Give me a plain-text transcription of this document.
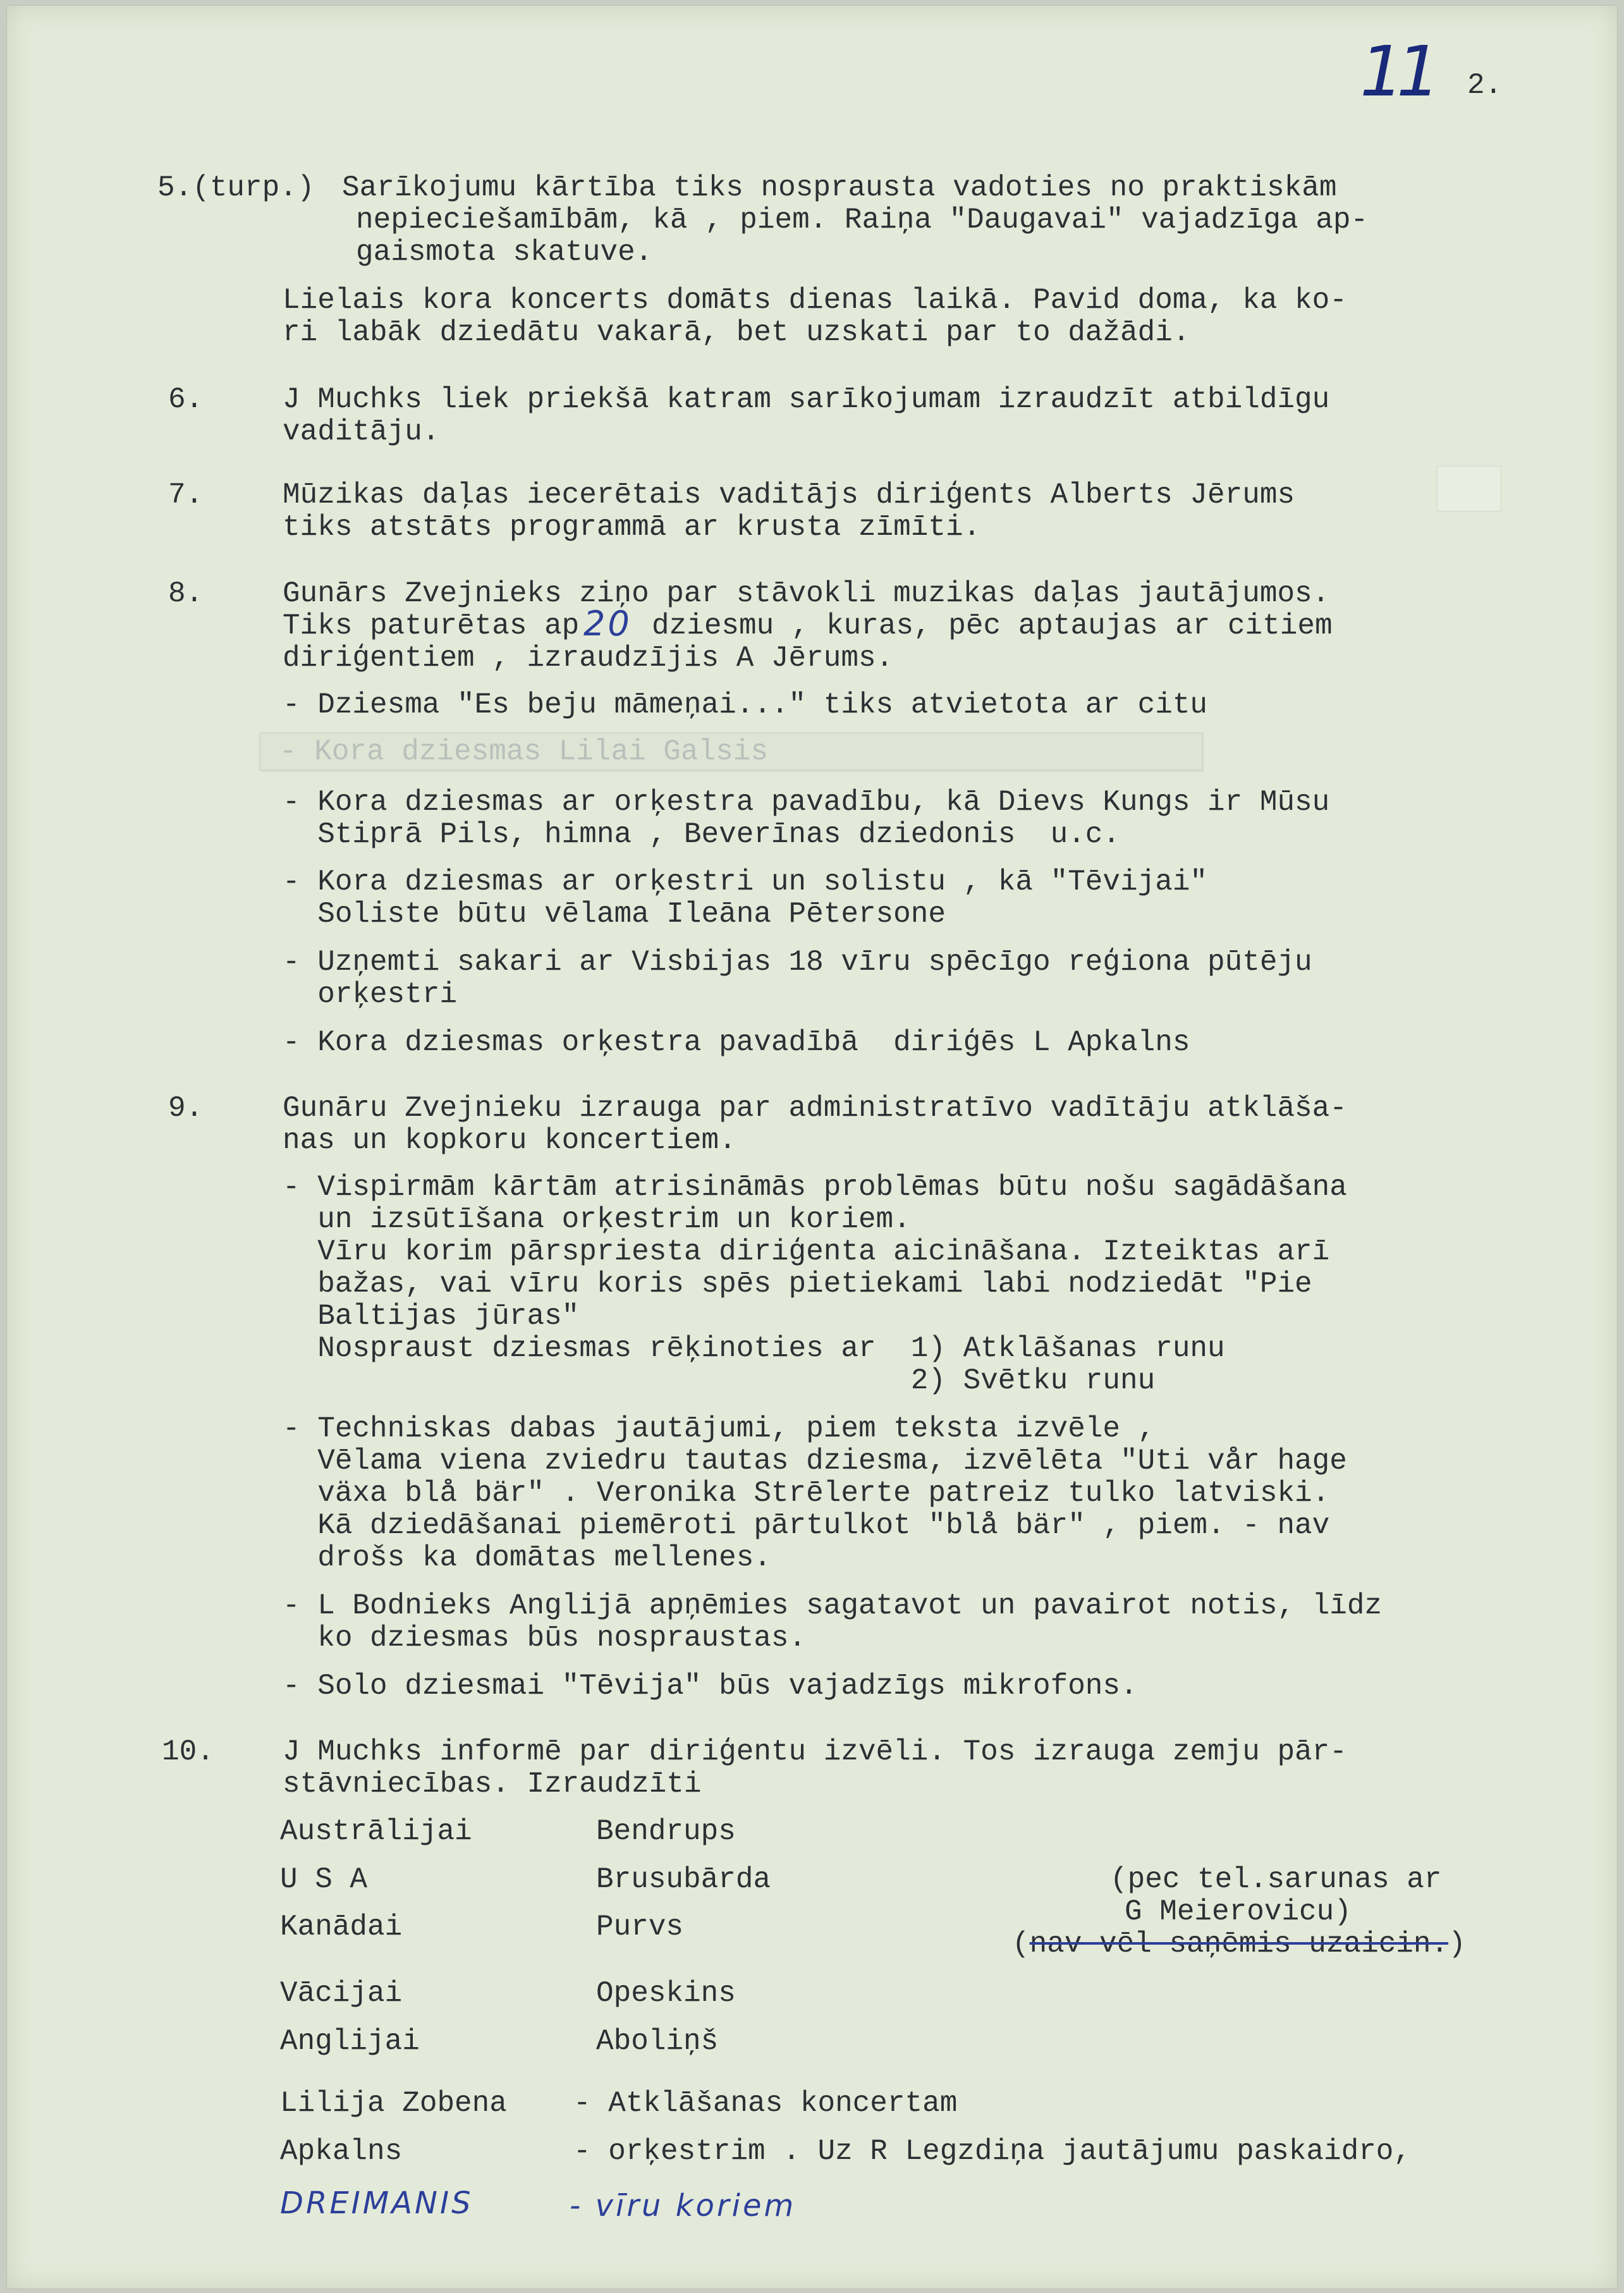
11 2.
5.(turp.) Sarīkojumu kārtība tiks nosprausta vadoties no praktiskām
nepieciešamībām, kā , piem. Raiņa "Daugavai" vajadzīga ap-
gaismota skatuve.
Lielais kora koncerts domāts dienas laikā. Pavid doma, ka ko-
ri labāk dziedātu vakarā, bet uzskati par to dažādi.
6.	J Muchks liek priekšā katram sarīkojumam izraudzīt atbildīgu
vaditāju.
7.	Mūzikas daļas iecerētais vaditājs diriģents Alberts Jērums
tiks atstāts programmā ar krusta zīmīti.
8.	Gunārs Zvejnieks ziņo par stāvokli muzikas daļas jautājumos.
Tiks paturētas ap 20 dziesmu , kuras, pēc aptaujas ar citiem
diriģentiem , izraudzījis A Jērums.
- Dziesma "Es beju māmeņai..." tiks atvietota ar citu
- Kora dziesmas Lilai Galsis
- Kora dziesmas ar orķestra pavadību, kā Dievs Kungs ir Mūsu
Stiprā Pils, himna , Beverīnas dziedonis  u.c.
- Kora dziesmas ar orķestri un solistu , kā "Tēvijai"
Soliste būtu vēlama Ileāna Pētersone
- Uzņemti sakari ar Visbijas 18 vīru spēcīgo reģiona pūtēju
orķestri
- Kora dziesmas orķestra pavadībā  diriģēs L Apkalns
9.	Gunāru Zvejnieku izrauga par administratīvo vadītāju atklāša-
nas un kopkoru koncertiem.
- Vispirmām kārtām atrisināmās problēmas būtu nošu sagādāšana
un izsūtīšana orķestrim un koriem.
Vīru korim pārspriesta diriģenta aicināšana. Izteiktas arī
bažas, vai vīru koris spēs pietiekami labi nodziedāt "Pie
Baltijas jūras"
Nospraust dziesmas rēķinoties ar  1) Atklāšanas runu
2) Svētku runu
- Techniskas dabas jautājumi, piem teksta izvēle ,
Vēlama viena zviedru tautas dziesma, izvēlēta "Uti vår hage
växa blå bär" . Veronika Strēlerte patreiz tulko latviski.
Kā dziedāšanai piemēroti pārtulkot "blå bär" , piem. - nav
drošs ka domātas mellenes.
- L Bodnieks Anglijā apņēmies sagatavot un pavairot notis, līdz
ko dziesmas būs nospraustas.
- Solo dziesmai "Tēvija" būs vajadzīgs mikrofons.
10. J Muchks informē par diriģentu izvēli. Tos izrauga zemju pār-
stāvniecības. Izraudzīti
Austrālijai	Bendrups
U S A	Brusubārda
Kanādai	Purvs
Vācijai	Opeskins
Anglijai	Aboliņš
(pec tel.sarunas ar
G Meierovicu)
(nav vēl saņēmis uzaicin.)
Lilija Zobena - Atklāšanas koncertam
Apkalns	- orķestrim . Uz R Legzdiņa jautājumu paskaidro,
DREIMANIS	- vīru koriem
